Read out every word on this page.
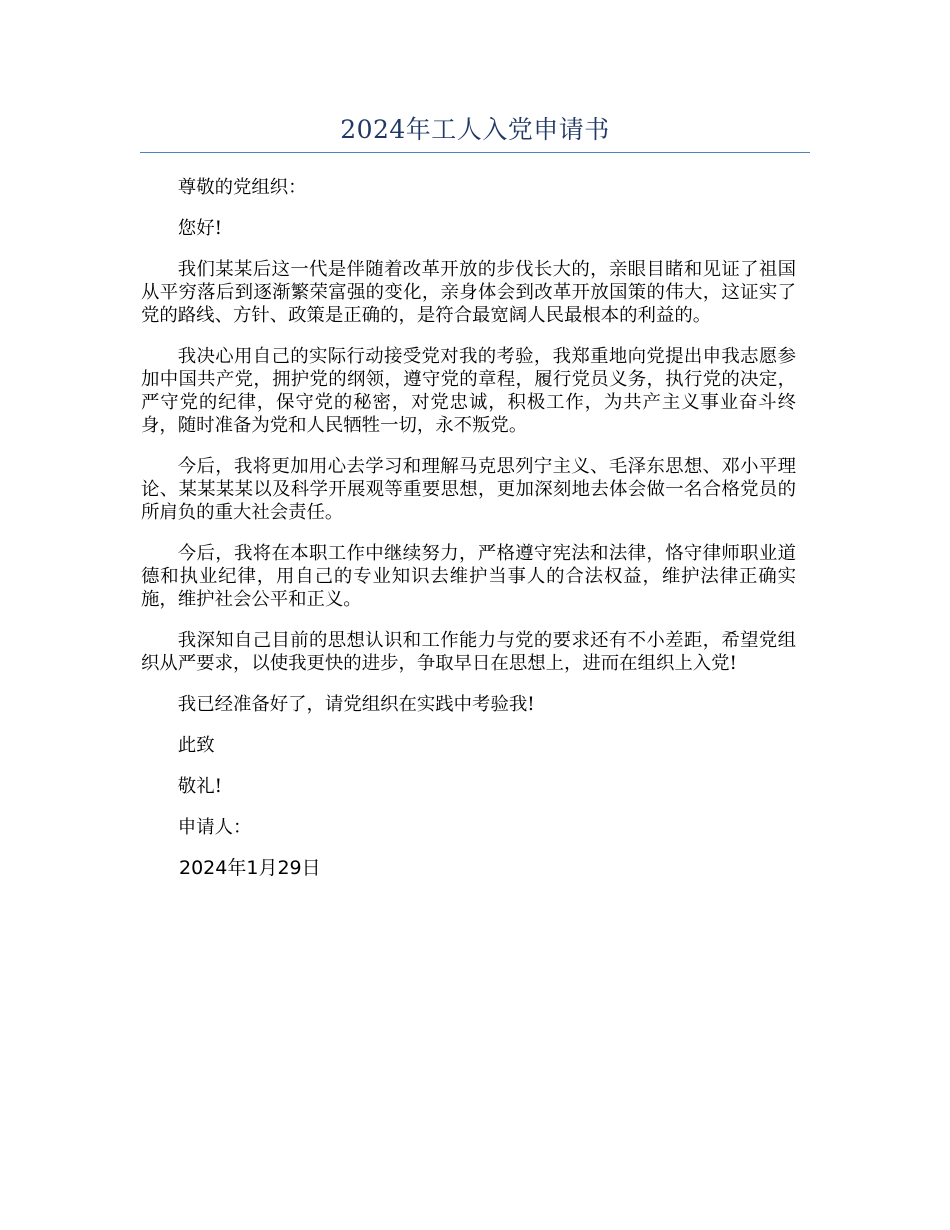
2024年工人入党申请书

尊敬的党组织：

您好!

我们某某后这一代是伴随着改革开放的步伐长大的，亲眼目睹和见证了祖国从平穷落后到逐渐繁荣富强的变化，亲身体会到改革开放国策的伟大，这证实了党的路线、方针、政策是正确的，是符合最宽阔人民最根本的利益的。

我决心用自己的实际行动接受党对我的考验，我郑重地向党提出申我志愿参加中国共产党，拥护党的纲领，遵守党的章程，履行党员义务，执行党的决定，严守党的纪律，保守党的秘密，对党忠诚，积极工作，为共产主义事业奋斗终身，随时准备为党和人民牺牲一切，永不叛党。

今后，我将更加用心去学习和理解马克思列宁主义、毛泽东思想、邓小平理论、某某某某以及科学开展观等重要思想，更加深刻地去体会做一名合格党员的所肩负的重大社会责任。

今后，我将在本职工作中继续努力，严格遵守宪法和法律，恪守律师职业道德和执业纪律，用自己的专业知识去维护当事人的合法权益，维护法律正确实施，维护社会公平和正义。

我深知自己目前的思想认识和工作能力与党的要求还有不小差距，希望党组织从严要求，以使我更快的进步，争取早日在思想上，进而在组织上入党!

我已经准备好了，请党组织在实践中考验我!

此致

敬礼!

申请人：

2024年1月29日
